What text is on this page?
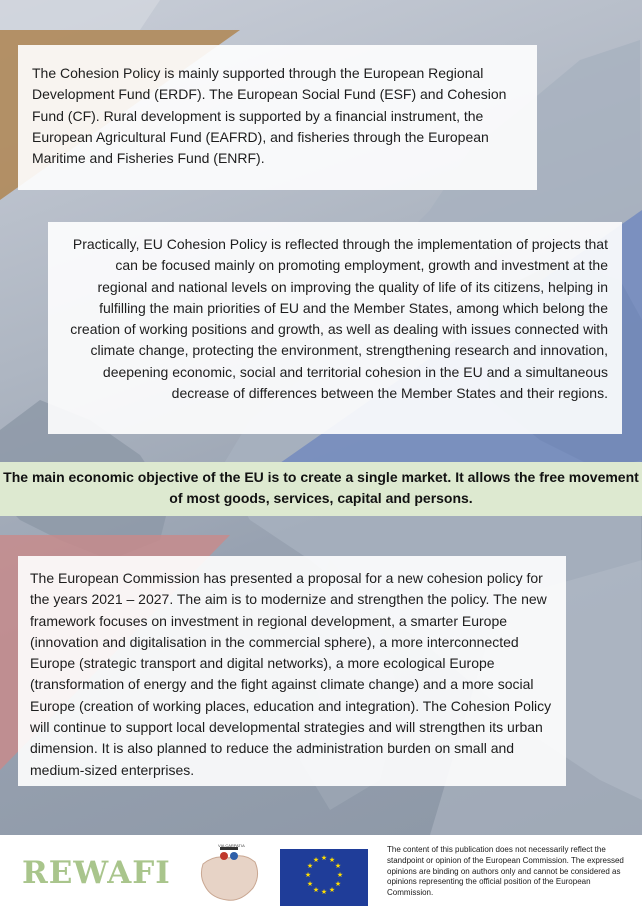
The Cohesion Policy is mainly supported through the European Regional Development Fund (ERDF). The European Social Fund (ESF) and Cohesion Fund (CF). Rural development is supported by a financial instrument, the European Agricultural Fund (EAFRD), and fisheries through the European Maritime and Fisheries Fund (ENRF).

Practically, EU Cohesion Policy is reflected through the implementation of projects that can be focused mainly on promoting employment, growth and investment at the regional and national levels on improving the quality of life of its citizens, helping in fulfilling the main priorities of EU and the Member States, among which belong the creation of working positions and growth, as well as dealing with issues connected with climate change, protecting the environment, strengthening research and innovation, deepening economic, social and territorial cohesion in the EU and a simultaneous decrease of differences between the Member States and their regions.

The main economic objective of the EU is to create a single market. It allows the free movement of most goods, services, capital and persons.

The European Commission has presented a proposal for a new cohesion policy for the years 2021 – 2027. The aim is to modernize and strengthen the policy. The new framework focuses on investment in regional development, a smarter Europe (innovation and digitalisation in the commercial sphere), a more interconnected Europe (strategic transport and digital networks), a more ecological Europe (transformation of energy and the fight against climate change) and a more social Europe (creation of working places, education and integration). The Cohesion Policy will continue to support local developmental strategies and will strengthen its urban dimension. It is also planned to reduce the administration burden on small and medium-sized enterprises.

REWAFI
VIA CARPATIA
★ ★
★
★
★
★
★
★
★
★
★
★
The content of this publication does not necessarily reflect the standpoint or opinion of the European Commission. The expressed opinions are binding on authors only and cannot be considered as opinions representing the official position of the European Commission.
